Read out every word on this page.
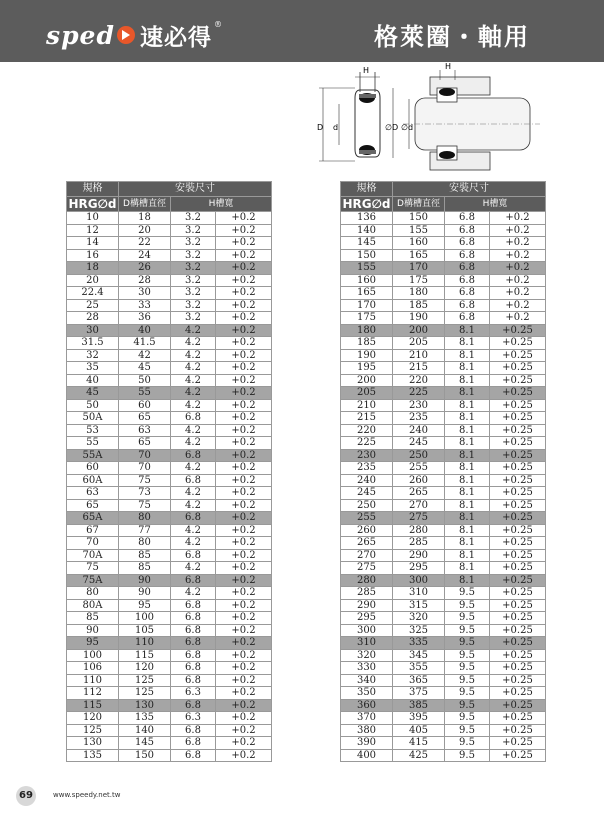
sped 速必得 ®	格萊圈・軸用
H
D d
H
∅D ∅d
規格	安裝尺寸		
HRG∅d	D構槽直徑	H槽寬	
10	18	3.2	+0.2
12	20	3.2	+0.2
14	22	3.2	+0.2
16	24	3.2	+0.2
18	26	3.2	+0.2
20	28	3.2	+0.2
22.4	30	3.2	+0.2
25	33	3.2	+0.2
28	36	3.2	+0.2
30	40	4.2	+0.2
31.5	41.5	4.2	+0.2
32	42	4.2	+0.2
35	45	4.2	+0.2
40	50	4.2	+0.2
45	55	4.2	+0.2
50	60	4.2	+0.2
50A	65	6.8	+0.2
53	63	4.2	+0.2
55	65	4.2	+0.2
55A	70	6.8	+0.2
60	70	4.2	+0.2
60A	75	6.8	+0.2
63	73	4.2	+0.2
65	75	4.2	+0.2
65A	80	6.8	+0.2
67	77	4.2	+0.2
70	80	4.2	+0.2
70A	85	6.8	+0.2
75	85	4.2	+0.2
75A	90	6.8	+0.2
80	90	4.2	+0.2
80A	95	6.8	+0.2
85	100	6.8	+0.2
90	105	6.8	+0.2
95	110	6.8	+0.2
100	115	6.8	+0.2
106	120	6.8	+0.2
110	125	6.8	+0.2
112	125	6.3	+0.2
115	130	6.8	+0.2
120	135	6.3	+0.2
125	140	6.8	+0.2
130	145	6.8	+0.2
135	150	6.8	+0.2
規格	安裝尺寸		
HRG∅d	D構槽直徑	H槽寬	
136	150	6.8	+0.2
140	155	6.8	+0.2
145	160	6.8	+0.2
150	165	6.8	+0.2
155	170	6.8	+0.2
160	175	6.8	+0.2
165	180	6.8	+0.2
170	185	6.8	+0.2
175	190	6.8	+0.2
180	200	8.1	+0.25
185	205	8.1	+0.25
190	210	8.1	+0.25
195	215	8.1	+0.25
200	220	8.1	+0.25
205	225	8.1	+0.25
210	230	8.1	+0.25
215	235	8.1	+0.25
220	240	8.1	+0.25
225	245	8.1	+0.25
230	250	8.1	+0.25
235	255	8.1	+0.25
240	260	8.1	+0.25
245	265	8.1	+0.25
250	270	8.1	+0.25
255	275	8.1	+0.25
260	280	8.1	+0.25
265	285	8.1	+0.25
270	290	8.1	+0.25
275	295	8.1	+0.25
280	300	8.1	+0.25
285	310	9.5	+0.25
290	315	9.5	+0.25
295	320	9.5	+0.25
300	325	9.5	+0.25
310	335	9.5	+0.25
320	345	9.5	+0.25
330	355	9.5	+0.25
340	365	9.5	+0.25
350	375	9.5	+0.25
360	385	9.5	+0.25
370	395	9.5	+0.25
380	405	9.5	+0.25
390	415	9.5	+0.25
400	425	9.5	+0.25
69	www.speedy.net.tw
